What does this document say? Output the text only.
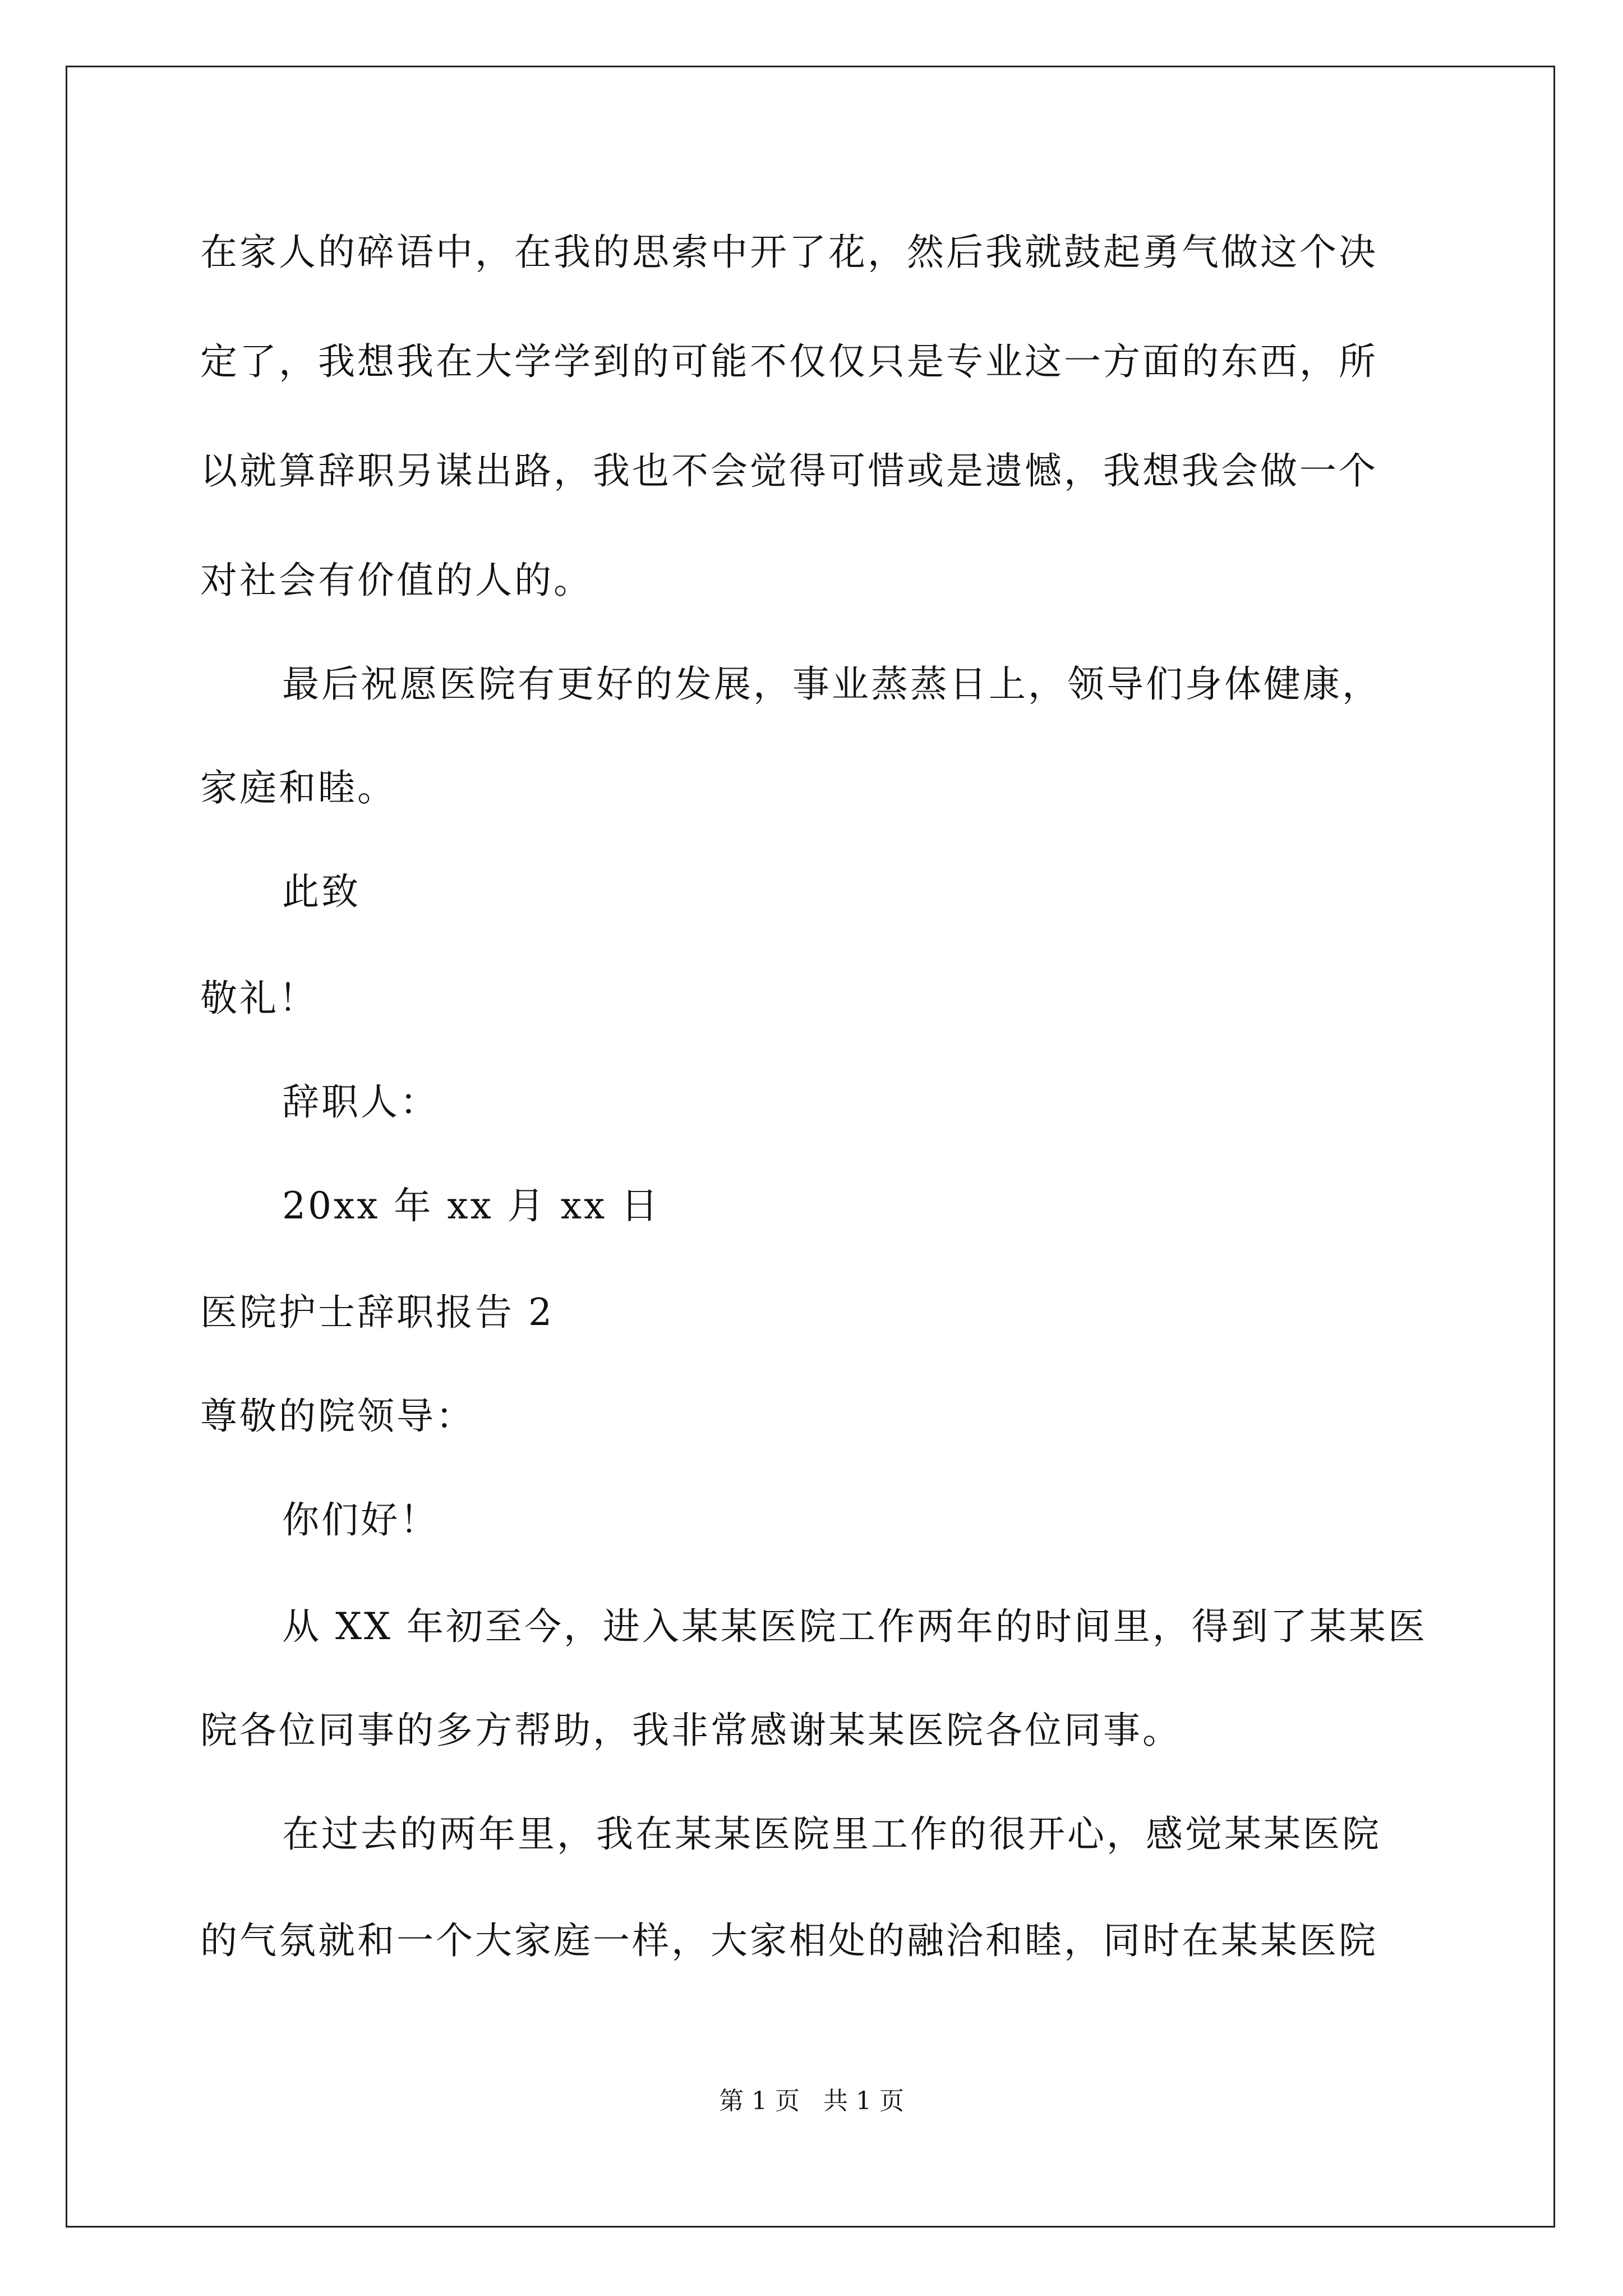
在家人的碎语中，在我的思索中开了花，然后我就鼓起勇气做这个决
定了，我想我在大学学到的可能不仅仅只是专业这一方面的东西，所
以就算辞职另谋出路，我也不会觉得可惜或是遗憾，我想我会做一个
对社会有价值的人的。
最后祝愿医院有更好的发展，事业蒸蒸日上，领导们身体健康，
家庭和睦。
此致
敬礼！
辞职人：
20xx 年 xx 月 xx 日
医院护士辞职报告 2
尊敬的院领导：
你们好！
从 XX 年初至今，进入某某医院工作两年的时间里，得到了某某医
院各位同事的多方帮助，我非常感谢某某医院各位同事。
在过去的两年里，我在某某医院里工作的很开心，感觉某某医院
的气氛就和一个大家庭一样，大家相处的融洽和睦，同时在某某医院
第 1 页   共 1 页
